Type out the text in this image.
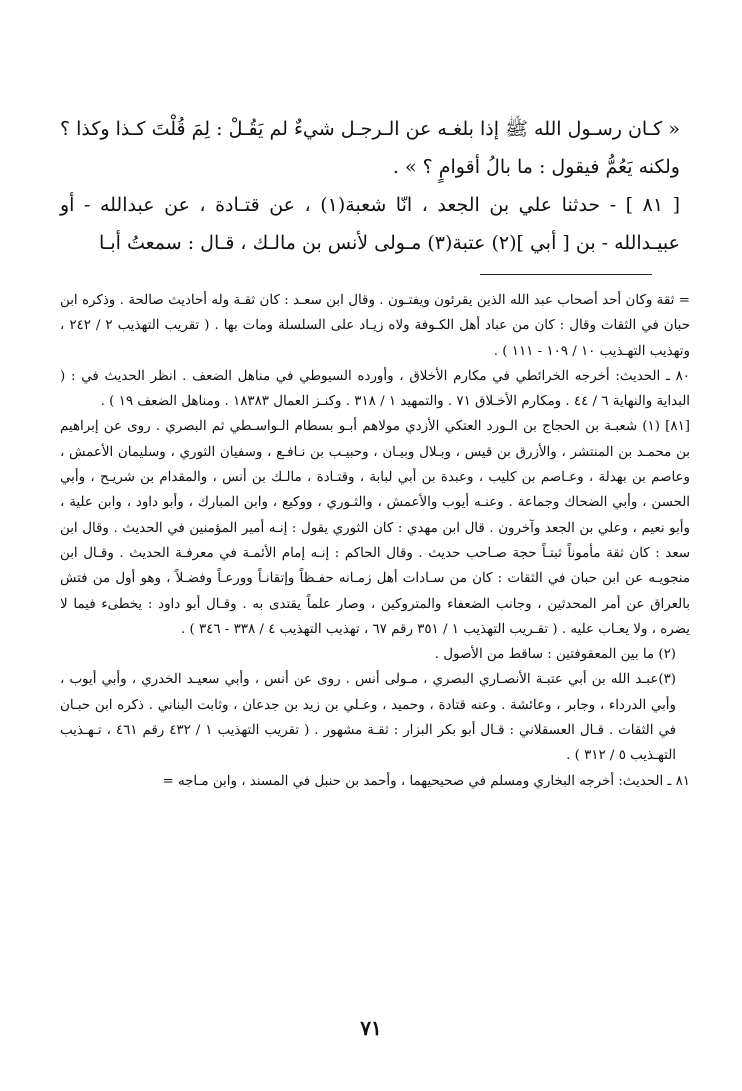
« كـان رسـول الله ﷺ إذا بلغـه عن الـرجـل شيءٌ لم يَقُـلْ : لِمَ قُلْتَ كـذا وكذا ؟ ولكنه يَعُمُّ فيقول : ما بالُ أقوامٍ ؟ » .

[ ٨١ ] - حدثنا علي بن الجعد ، انّا شعبة(١) ، عن قتـادة ، عن عبدالله - أو عبيـدالله - بن [ أبي ](٢) عتبة(٣) مـولى لأنس بن مالـك ، قـال : سمعتُ أبـا

= ثقة وكان أحد أصحاب عبد الله الذين يقرئون ويفتـون . وقال ابن سعـد : كان ثقـة وله أحاديث صالحة . وذكره ابن حبان في الثقات وقال : كان من عباد أهل الكـوفة ولاه زيـاد على السلسلة ومات بها . ( تقريب التهذيب ٢ / ٢٤٢ ، وتهذيب التهـذيب ١٠ / ١٠٩ - ١١١ ) .

٨٠ ـ الحديث: أخرجه الخرائطي في مكارم الأخلاق ، وأورده السيوطي في مناهل الضعف . انظر الحديث في : ( البداية والنهاية ٦ / ٤٤ . ومكارم الأخـلاق ٧١ . والتمهيد ١ / ٣١٨ . وكنـز العمال ١٨٣٨٣ . ومناهل الضعف ١٩ ) .

[٨١] (١) شعبـة بن الحجاج بن الـورد العتكي الأزدي مولاهم أبـو بسطام الـواسـطي ثم البصري . روى عن إبراهيم بن محمـد بن المنتشر ، والأزرق بن قيس ، وبـلال وبيـان ، وحبيـب بن نـافـع ، وسفيان الثوري ، وسليمان الأعمش ، وعاصم بن بهدلة ، وعـاصم بن كليب ، وعبدة بن أبي لبابة ، وقتـادة ، مالـك بن أنس ، والمقدام بن شريـح ، وأبي الحسن ، وأبي الضحاك وجماعة . وعنـه أيوب والأعمش ، والثـوري ، ووكيع ، وابن المبارك ، وأبو داود ، وابن علية ، وأبو نعيم ، وعلي بن الجعد وآخرون . قال ابن مهدي : كان الثوري يقول : إنـه أمير المؤمنين في الحديث . وقال ابن سعد : كان ثقة مأموناً ثبتـاً حجة صـاحب حديث . وقال الحاكم : إنـه إمام الأئمـة في معرفـة الحديث . وقـال ابن منجويـه عن ابن حبان في الثقات : كان من سـادات أهل زمـانه حفـظاً وإتقانـاً وورعـاً وفضـلاً ، وهو أول من فتش بالعراق عن أمر المحدثين ، وجانب الضعفاء والمتروكين ، وصار علماً يقتدى به . وقـال أبو داود : يخطىء فيما لا يضره ، ولا يعـاب عليه . ( تقـريب التهذيب ١ / ٣٥١ رقم ٦٧ ، تهذيب التهذيب ٤ / ٣٣٨ - ٣٤٦ ) .

(٢) ما بين المعقوفتين : ساقط من الأصول .

(٣)عبـد الله بن أبي عتبـة الأنصـاري البصري ، مـولى أنس . روى عن أنس ، وأبي سعيـد الخدري ، وأبي أيوب ، وأبي الدرداء ، وجابر ، وعائشة . وعنه قتادة ، وحميد ، وعـلي بن زيد بن جدعان ، وثابت البناني . ذكره ابن حبـان في الثقات . قـال العسقلاني : قـال أبو بكر البزار : ثقـة مشهور . ( تقريب التهذيب ١ / ٤٣٢ رقم ٤٦١ ، تـهـذيب التهـذيب ٥ / ٣١٢ ) .

٨١ ـ الحديث: أخرجه البخاري ومسلم في صحيحيهما ، وأحمد بن حنبل في المسند ، وابن مـاجه =

٧١
